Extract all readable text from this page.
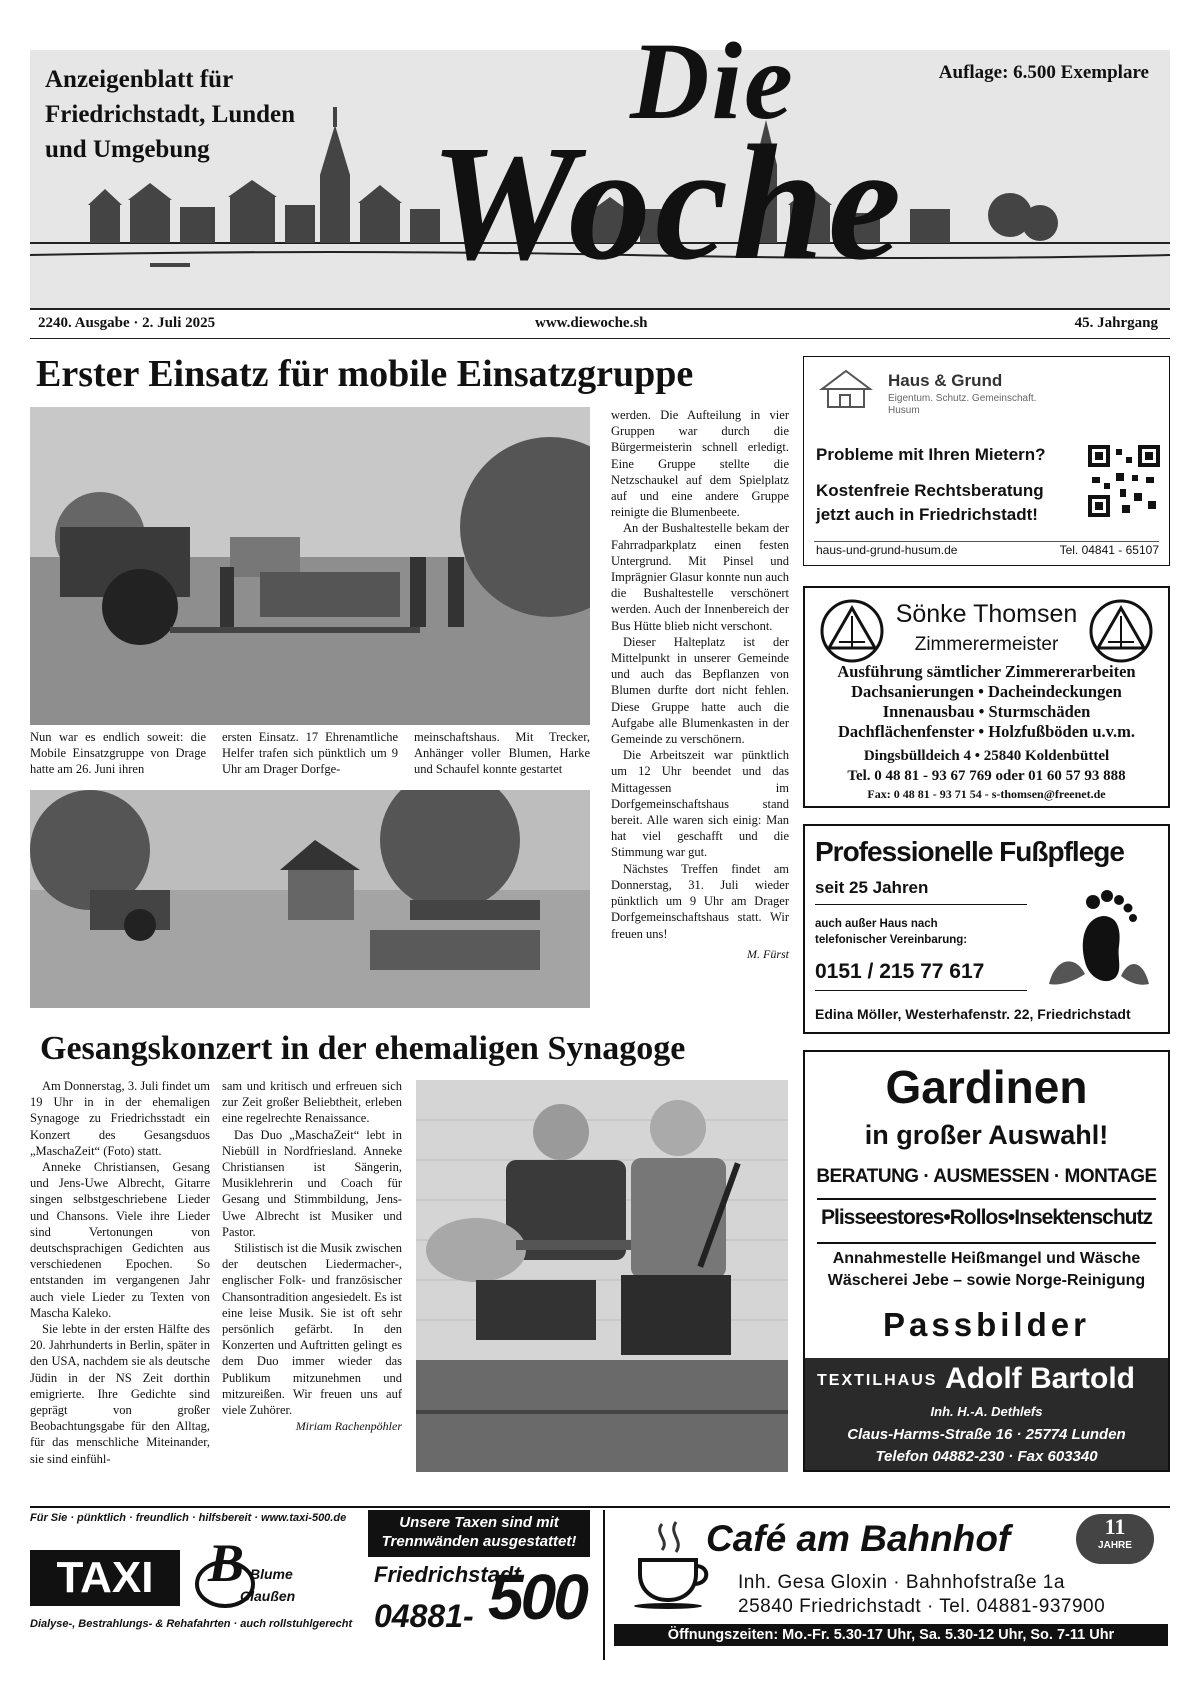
Anzeigenblatt für
Friedrichstadt, Lunden
und Umgebung
Die
Woche
Auflage: 6.500 Exemplare
2240. Ausgabe · 2. Juli 2025	www.diewoche.sh	45. Jahrgang
Erster Einsatz für mobile Einsatzgruppe
Nun war es endlich soweit: die Mobile Einsatzgruppe von Drage hatte am 26. Juni ihren
ersten Einsatz. 17 Ehrenamtliche Helfer trafen sich pünktlich um 9 Uhr am Drager Dorfge-
meinschaftshaus. Mit Trecker, Anhänger voller Blumen, Harke und Schaufel konnte gestartet

werden. Die Aufteilung in vier Gruppen war durch die Bürgermeisterin schnell erledigt. Eine Gruppe stellte die Netzschaukel auf dem Spielplatz auf und eine andere Gruppe reinigte die Blumenbeete.

An der Bushaltestelle bekam der Fahrradparkplatz einen festen Untergrund. Mit Pinsel und Imprägnier Glasur konnte nun auch die Bushaltestelle verschönert werden. Auch der Innenbereich der Bus Hütte blieb nicht verschont.

Dieser Halteplatz ist der Mittelpunkt in unserer Gemeinde und auch das Bepflanzen von Blumen durfte dort nicht fehlen. Diese Gruppe hatte auch die Aufgabe alle Blumenkasten in der Gemeinde zu verschönern.

Die Arbeitszeit war pünktlich um 12 Uhr beendet und das Mittagessen im Dorfgemeinschaftshaus stand bereit. Alle waren sich einig: Man hat viel geschafft und die Stimmung war gut.

Nächstes Treffen findet am Donnerstag, 31. Juli wieder pünktlich um 9 Uhr am Drager Dorfgemeinschaftshaus statt. Wir freuen uns!

M. Fürst
Gesangskonzert in der ehemaligen Synagoge

Am Donnerstag, 3. Juli findet um 19 Uhr in in der ehemaligen Synagoge zu Friedrichsstadt ein Konzert des Gesangsduos „MaschaZeit“ (Foto) statt.

Anneke Christiansen, Gesang und Jens-Uwe Albrecht, Gitarre singen selbstgeschriebene Lieder und Chansons. Viele ihre Lieder sind Vertonungen von deutschsprachigen Gedichten aus verschiedenen Epochen. So entstanden im vergangenen Jahr auch viele Lieder zu Texten von Mascha Kaleko.

Sie lebte in der ersten Hälfte des 20. Jahrhunderts in Berlin, später in den USA, nachdem sie als deutsche Jüdin in der NS Zeit dorthin emigrierte. Ihre Gedichte sind geprägt von großer Beobachtungsgabe für den Alltag, für das menschliche Miteinander, sie sind einfühl-

sam und kritisch und erfreuen sich zur Zeit großer Beliebtheit, erleben eine regelrechte Renaissance.

Das Duo „MaschaZeit“ lebt in Niebüll in Nordfriesland. Anneke Christiansen ist Sängerin, Musiklehrerin und Coach für Gesang und Stimmbildung, Jens-Uwe Albrecht ist Musiker und Pastor.

Stilistisch ist die Musik zwischen der deutschen Liedermacher-, englischer Folk- und französischer Chansontradition angesiedelt. Es ist eine leise Musik. Sie ist oft sehr persönlich gefärbt. In den Konzerten und Auftritten gelingt es dem Duo immer wieder das Publikum mitzunehmen und mitzureißen. Wir freuen uns auf viele Zuhörer.

Miriam Rachenpöhler
Haus & Grund
Eigentum. Schutz. Gemeinschaft.
Husum
Probleme mit Ihren Mietern?
Kostenfreie Rechtsberatung
jetzt auch in Friedrichstadt!
haus-und-grund-husum.de	Tel. 04841 - 65107
Sönke Thomsen
Zimmerermeister
Ausführung sämtlicher Zimmererarbeiten
Dachsanierungen • Dacheindeckungen
Innenausbau • Sturmschäden
Dachflächenfenster • Holzfußböden u.v.m.
Dingsbülldeich 4 • 25840 Koldenbüttel
Tel. 0 48 81 - 93 67 769 oder 01 60 57 93 888
Fax: 0 48 81 - 93 71 54 - s-thomsen@freenet.de
Professionelle Fußpflege
seit 25 Jahren
auch außer Haus nach
telefonischer Vereinbarung:
0151 / 215 77 617
Edina Möller, Westerhafenstr. 22, Friedrichstadt
Gardinen
in großer Auswahl!
BERATUNG · AUSMESSEN · MONTAGE
Plisseestores•Rollos•Insektenschutz
Annahmestelle Heißmangel und Wäsche
Wäscherei Jebe – sowie Norge-Reinigung
Passbilder
TEXTILHAUS Adolf Bartold
Inh. H.-A. Dethlefs
Claus-Harms-Straße 16 · 25774 Lunden
Telefon 04882-230 · Fax 603340
Für Sie · pünktlich · freundlich · hilfsbereit · www.taxi-500.de
TAXI	B Blume
Claußen
Unsere Taxen sind mit
Trennwänden ausgestattet!
Friedrichstadt
04881- 500
Dialyse-, Bestrahlungs- & Rehafahrten · auch rollstuhlgerecht
Café am Bahnhof	11
JAHRE
Inh. Gesa Gloxin · Bahnhofstraße 1a
25840 Friedrichstadt · Tel. 04881-937900
Öffnungszeiten: Mo.-Fr. 5.30-17 Uhr, Sa. 5.30-12 Uhr, So. 7-11 Uhr
